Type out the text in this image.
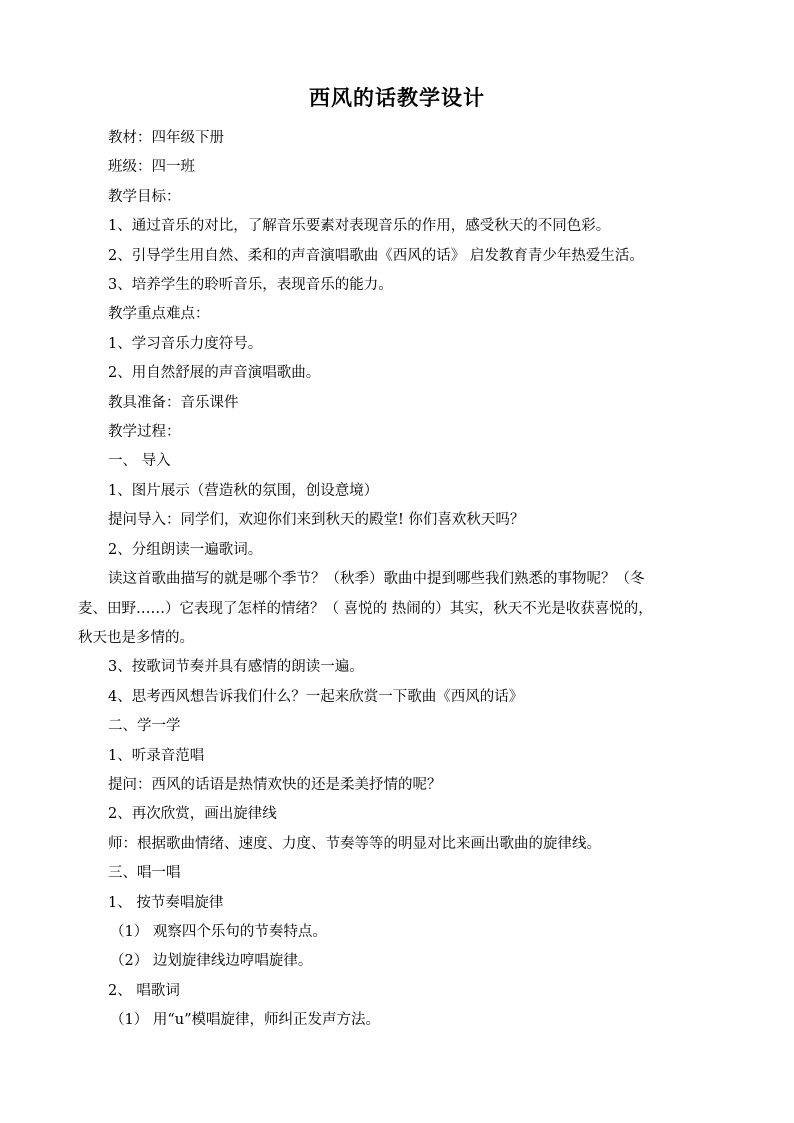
西风的话教学设计

教材：四年级下册

班级：四一班

教学目标：

1、通过音乐的对比，了解音乐要素对表现音乐的作用，感受秋天的不同色彩。

2、引导学生用自然、柔和的声音演唱歌曲《西风的话》 启发教育青少年热爱生活。

3、培养学生的聆听音乐，表现音乐的能力。

教学重点难点：

1、学习音乐力度符号。

2、用自然舒展的声音演唱歌曲。

教具准备：音乐课件

教学过程：

一、 导入

1、图片展示（营造秋的氛围，创设意境）

提问导入：同学们，欢迎你们来到秋天的殿堂! 你们喜欢秋天吗？

2、分组朗读一遍歌词。

读这首歌曲描写的就是哪个季节？（秋季）歌曲中提到哪些我们熟悉的事物呢？（冬
麦、田野……）它表现了怎样的情绪？（ 喜悦的 热闹的）其实，秋天不光是收获喜悦的，
秋天也是多情的。

3、按歌词节奏并具有感情的朗读一遍。

4、思考西风想告诉我们什么？一起来欣赏一下歌曲《西风的话》

二、学一学

1、听录音范唱

提问：西风的话语是热情欢快的还是柔美抒情的呢？

2、再次欣赏，画出旋律线

师：根据歌曲情绪、速度、力度、节奏等等的明显对比来画出歌曲的旋律线。

三、唱一唱

1、 按节奏唱旋律

（1） 观察四个乐句的节奏特点。

（2） 边划旋律线边哼唱旋律。

2、 唱歌词

（1） 用“u”模唱旋律，师纠正发声方法。
